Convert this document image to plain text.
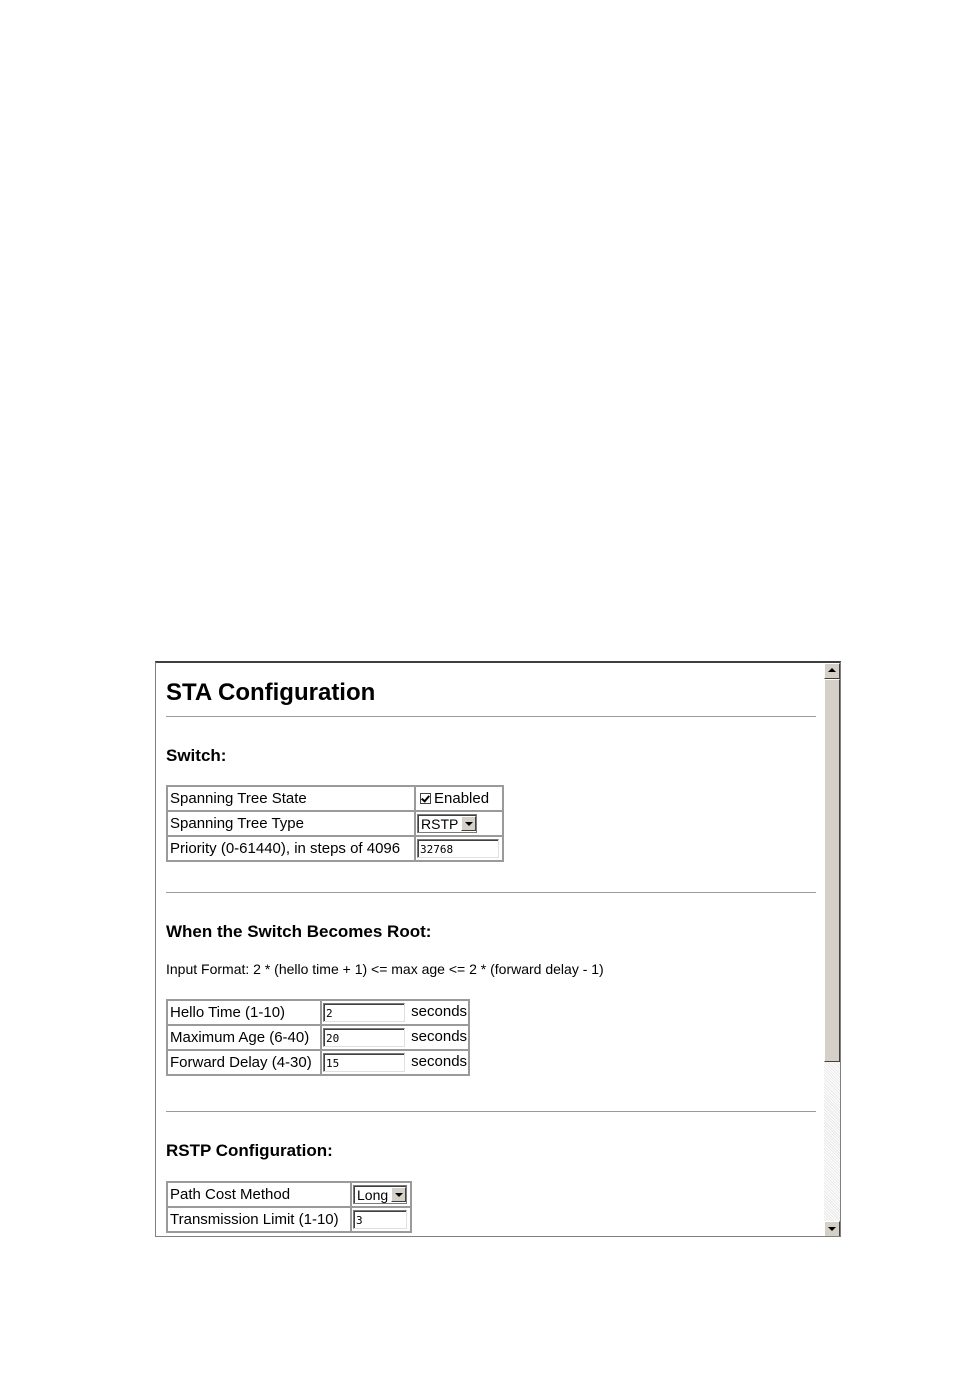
STA Configuration
Switch:
Spanning Tree State	Enabled
Spanning Tree Type	RSTP

Priority (0-61440), in steps of 4096	32768
When the Switch Becomes Root:
Input Format: 2 * (hello time + 1) <= max age <= 2 * (forward delay - 1)
Hello Time (1-10)	2 seconds
Maximum Age (6-40)	20 seconds
Forward Delay (4-30)	15 seconds
RSTP Configuration:
Path Cost Method	Long

Transmission Limit (1-10)	3
